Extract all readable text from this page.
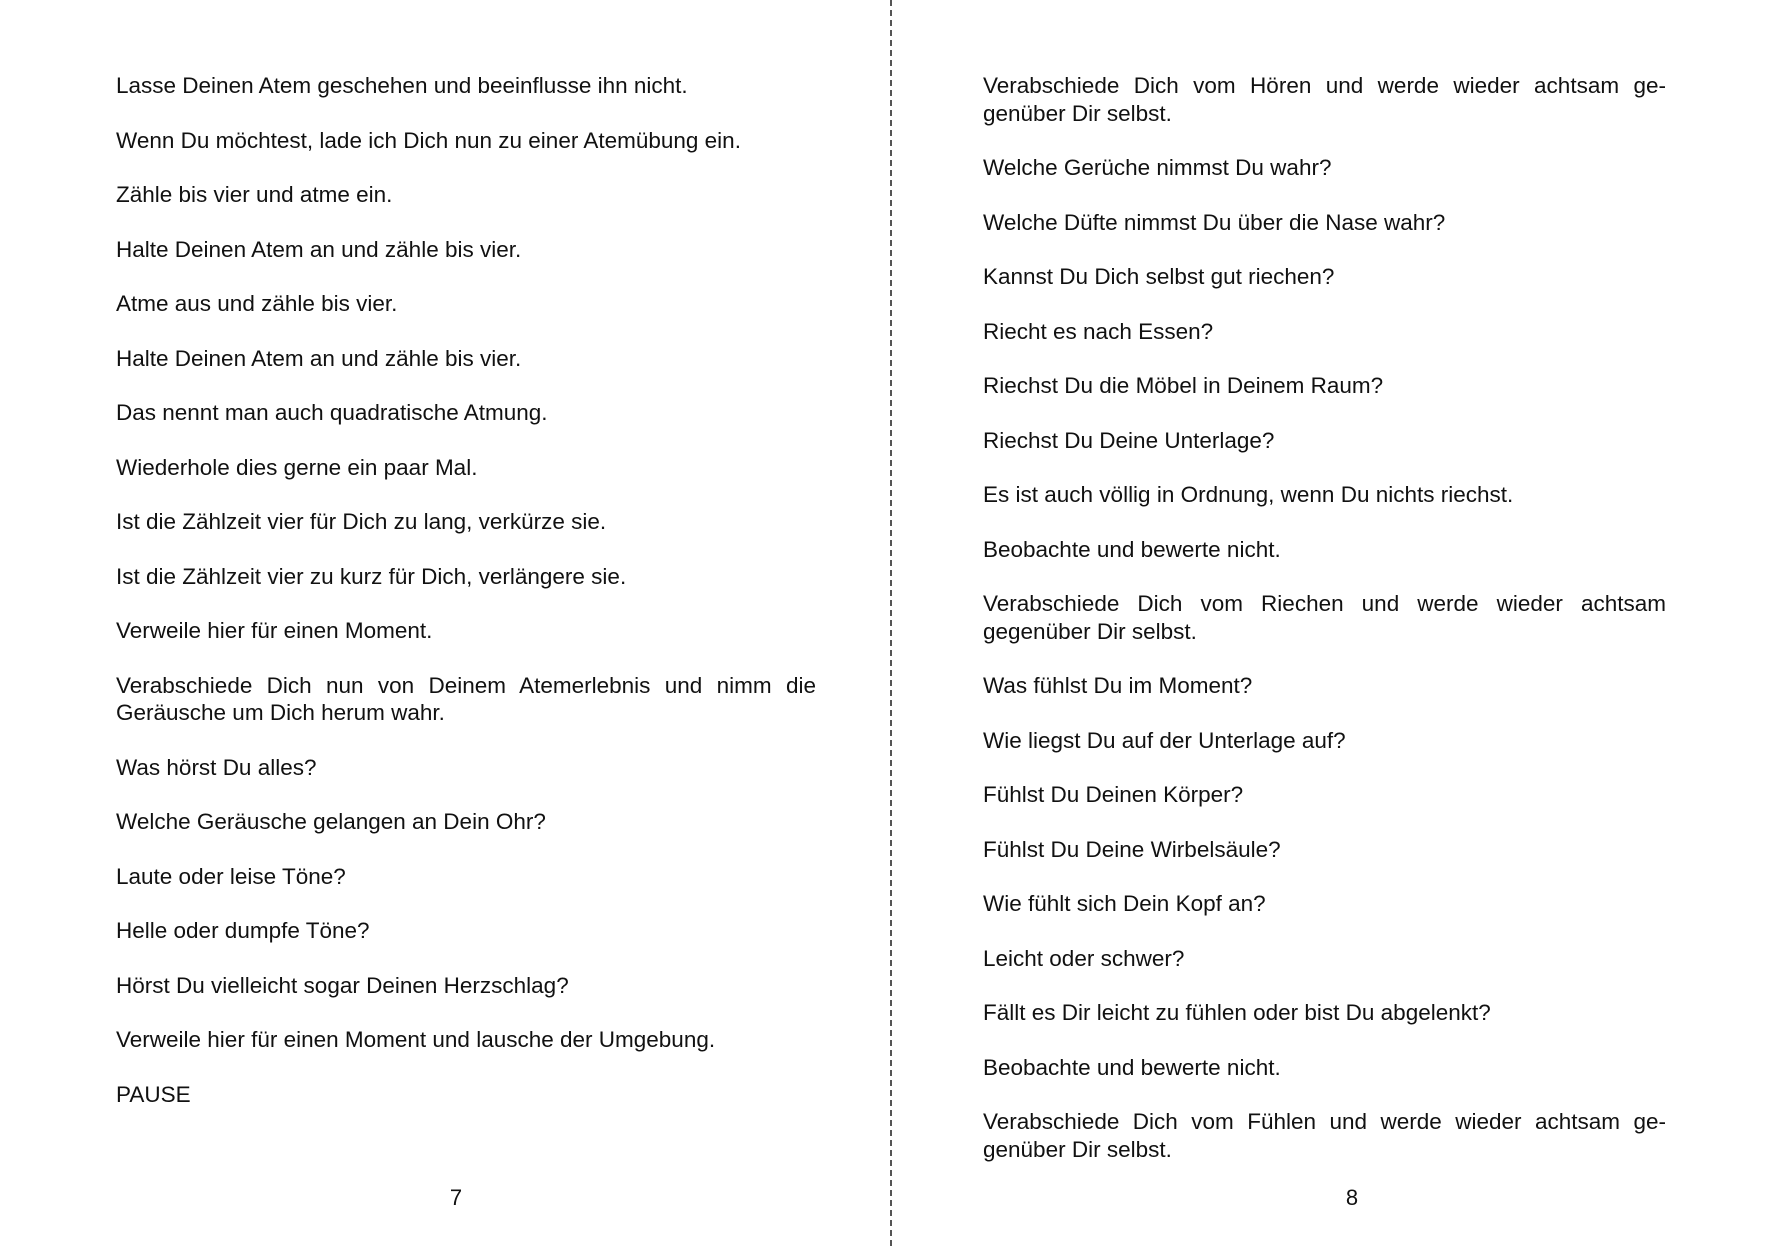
Lasse Deinen Atem geschehen und beeinflusse ihn nicht.

Wenn Du möchtest, lade ich Dich nun zu einer Atemübung ein.

Zähle bis vier und atme ein.

Halte Deinen Atem an und zähle bis vier.

Atme aus und zähle bis vier.

Halte Deinen Atem an und zähle bis vier.

Das nennt man auch quadratische Atmung.

Wiederhole dies gerne ein paar Mal.

Ist die Zählzeit vier für Dich zu lang, verkürze sie.

Ist die Zählzeit vier zu kurz für Dich, verlängere sie.

Verweile hier für einen Moment.

Verabschiede Dich nun von Deinem Atemerlebnis und nimm die Geräusche um Dich herum wahr.

Was hörst Du alles?

Welche Geräusche gelangen an Dein Ohr?

Laute oder leise Töne?

Helle oder dumpfe Töne?

Hörst Du vielleicht sogar Deinen Herzschlag?

Verweile hier für einen Moment und lausche der Umgebung.

PAUSE

7

Verabschiede Dich vom Hören und werde wieder achtsam gegenüber Dir selbst.

Welche Gerüche nimmst Du wahr?

Welche Düfte nimmst Du über die Nase wahr?

Kannst Du Dich selbst gut riechen?

Riecht es nach Essen?

Riechst Du die Möbel in Deinem Raum?

Riechst Du Deine Unterlage?

Es ist auch völlig in Ordnung, wenn Du nichts riechst.

Beobachte und bewerte nicht.

Verabschiede Dich vom Riechen und werde wieder achtsam gegenüber Dir selbst.

Was fühlst Du im Moment?

Wie liegst Du auf der Unterlage auf?

Fühlst Du Deinen Körper?

Fühlst Du Deine Wirbelsäule?

Wie fühlt sich Dein Kopf an?

Leicht oder schwer?

Fällt es Dir leicht zu fühlen oder bist Du abgelenkt?

Beobachte und bewerte nicht.

Verabschiede Dich vom Fühlen und werde wieder achtsam gegenüber Dir selbst.

8
